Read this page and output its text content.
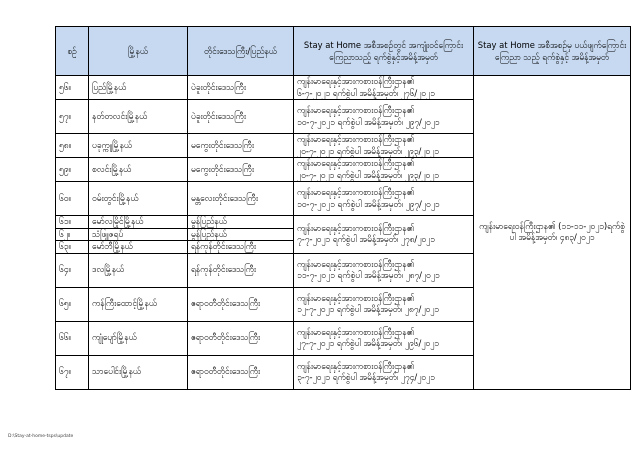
စဉ်	မြို့နယ်	တိုင်းဒေသကြီး/ပြည်နယ်	Stay at Home အစီအစဉ်တွင် အကျုံးဝင်ကြောင်း ကြေညာသည့် ရက်စွဲနှင့်အမိန့်အမှတ်	Stay at Home အစီအစဉ်မှ ပယ်ဖျက်ကြောင်း ကြေညာ သည့် ရက်စွဲနှင့် အမိန့်အမှတ်
၅၆။	ပြည်မြို့နယ်	ပဲခူးတိုင်းဒေသကြီး	ကျန်းမာရေးနှင့်အားကစားဝန်ကြီးဌာန၏
၆-၇-၂၀၂၁ ရက်စွဲပါ အမိန့်အမှတ်၊ ၂၇၆/၂၀၂၁	ကျန်းမာရေးဝန်ကြီးဌာန၏ (၁၁-၁၁-၂၀၂၁)ရက်စွဲပါ အမိန့်အမှတ်၊ ၄၈၃/၂၀၂၁
၅၇။	နတ်တလင်းမြို့နယ်	ပဲခူးတိုင်းဒေသကြီး	ကျန်းမာရေးနှင့်အားကစားဝန်ကြီးဌာန၏
၁၀-၇-၂၀၂၁ ရက်စွဲပါ အမိန့်အမှတ်၊ ၂၉၇/၂၀၂၁	

၅၈။	ပခုက္ကူမြို့နယ်	မကွေးတိုင်းဒေသကြီး	ကျန်းမာရေးနှင့်အားကစားဝန်ကြီးဌာန၏
၂၀-၇-၂၀၂၁ ရက်စွဲပါ အမိန့်အမှတ်၊ ၂၉၃/၂၀၂၁	

၅၉။	စလင်းမြို့နယ်	မကွေးတိုင်းဒေသကြီး	ကျန်းမာရေးနှင့်အားကစားဝန်ကြီးဌာန၏
၂၀-၇-၂၀၂၁ ရက်စွဲပါ အမိန့်အမှတ်၊ ၂၉၃/၂၀၂၁	

၆၀။	ဝမ်းတွင်းမြို့နယ်	မန္တလေးတိုင်းဒေသကြီး	ကျန်းမာရေးနှင့်အားကစားဝန်ကြီးဌာန၏
၁၀-၇-၂၀၂၁ ရက်စွဲပါ အမိန့်အမှတ်၊ ၂၉၇/၂၀၂၁	

၆၁။	မော်လမြိုင်မြို့နယ်	မွန်ပြည်နယ်	ကျန်းမာရေးနှင့်အားကစားဝန်ကြီးဌာန၏
၇-၇-၂၀၂၁ ရက်စွဲပါ အမိန့်အမှတ်၊ ၂၇၈/၂၀၂၁	

၆၂။	သံဖြူဇရပ်	မွန်ပြည်နယ်		
၆၃။	မော်ဘီမြို့နယ်	ရန်ကုန်တိုင်းဒေသကြီး		
၆၄။	ဒလမြို့နယ်	ရန်ကုန်တိုင်းဒေသကြီး	ကျန်းမာရေးနှင့်အားကစားဝန်ကြီးဌာန၏
၁၁-၇-၂၀၂၁ ရက်စွဲပါ အမိန့်အမှတ်၊ ၂၈၇/၂၀၂၁	

၆၅။	ကန်ကြီးထောင့်မြို့နယ်	ဧရာဝတီတိုင်းဒေသကြီး	ကျန်းမာရေးနှင့်အားကစားဝန်ကြီးဌာန၏
၁၂-၇-၂၀၂၁ ရက်စွဲပါ အမိန့်အမှတ်၊ ၂၈၇/၂၀၂၁	

၆၆။	ကျုံပျော်မြို့နယ်	ဧရာဝတီတိုင်းဒေသကြီး	ကျန်းမာရေးနှင့်အားကစားဝန်ကြီးဌာန၏
၂၇-၇-၂၀၂၁ ရက်စွဲပါ အမိန့်အမှတ်၊ ၂၉၆/၂၀၂၁	

၆၇။	သာပေါင်းမြို့နယ်	ဧရာဝတီတိုင်းဒေသကြီး	ကျန်းမာရေးနှင့်အားကစားဝန်ကြီးဌာန၏
၃-၇-၂၀၂၁ ရက်စွဲပါ အမိန့်အမှတ်၊ ၂၇၄/၂၀၂၁	
D:\Stay-at-home-tsps\update
